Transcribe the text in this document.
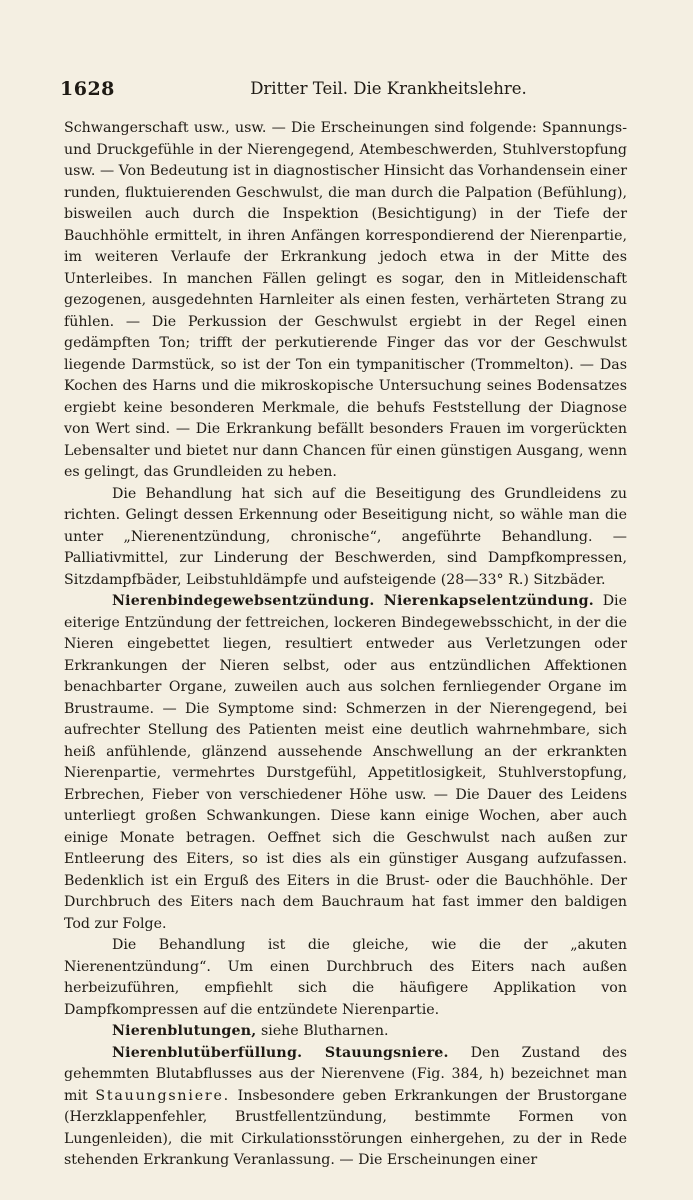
1628	Dritter Teil. Die Krankheitslehre.

Schwangerschaft usw., usw. — Die Erscheinungen sind folgende: Spannungs- und Druckgefühle in der Nierengegend, Atembeschwerden, Stuhlverstopfung usw. — Von Bedeutung ist in diagnostischer Hinsicht das Vorhandensein einer runden, fluktuierenden Geschwulst, die man durch die Palpation (Befühlung), bisweilen auch durch die Inspektion (Besichtigung) in der Tiefe der Bauchhöhle ermittelt, in ihren Anfängen korrespondierend der Nierenpartie, im weiteren Verlaufe der Erkrankung jedoch etwa in der Mitte des Unterleibes. In manchen Fällen gelingt es sogar, den in Mitleidenschaft gezogenen, ausgedehnten Harnleiter als einen festen, verhärteten Strang zu fühlen. — Die Perkussion der Geschwulst ergiebt in der Regel einen gedämpften Ton; trifft der perkutierende Finger das vor der Geschwulst liegende Darmstück, so ist der Ton ein tympanitischer (Trommelton). — Das Kochen des Harns und die mikroskopische Untersuchung seines Bodensatzes ergiebt keine besonderen Merkmale, die behufs Feststellung der Diagnose von Wert sind. — Die Erkrankung befällt besonders Frauen im vorgerückten Lebensalter und bietet nur dann Chancen für einen günstigen Ausgang, wenn es gelingt, das Grundleiden zu heben.

Die Behandlung hat sich auf die Beseitigung des Grundleidens zu richten. Gelingt dessen Erkennung oder Beseitigung nicht, so wähle man die unter „Nierenentzündung, chronische“, angeführte Behandlung. — Palliativmittel, zur Linderung der Beschwerden, sind Dampfkompressen, Sitzdampfbäder, Leibstuhldämpfe und aufsteigende (28—33° R.) Sitzbäder.

Nierenbindegewebsentzündung. Nierenkapselentzündung. Die eiterige Entzündung der fettreichen, lockeren Bindegewebsschicht, in der die Nieren eingebettet liegen, resultiert entweder aus Verletzungen oder Erkrankungen der Nieren selbst, oder aus entzündlichen Affektionen benachbarter Organe, zuweilen auch aus solchen fernliegender Organe im Brustraume. — Die Symptome sind: Schmerzen in der Nierengegend, bei aufrechter Stellung des Patienten meist eine deutlich wahrnehmbare, sich heiß anfühlende, glänzend aussehende Anschwellung an der erkrankten Nierenpartie, vermehrtes Durstgefühl, Appetitlosigkeit, Stuhlverstopfung, Erbrechen, Fieber von verschiedener Höhe usw. — Die Dauer des Leidens unterliegt großen Schwankungen. Diese kann einige Wochen, aber auch einige Monate betragen. Oeffnet sich die Geschwulst nach außen zur Entleerung des Eiters, so ist dies als ein günstiger Ausgang aufzufassen. Bedenklich ist ein Erguß des Eiters in die Brust- oder die Bauchhöhle. Der Durchbruch des Eiters nach dem Bauchraum hat fast immer den baldigen Tod zur Folge.

Die Behandlung ist die gleiche, wie die der „akuten Nierenentzündung“. Um einen Durchbruch des Eiters nach außen herbeizuführen, empfiehlt sich die häufigere Applikation von Dampfkompressen auf die entzündete Nierenpartie.

Nierenblutungen, siehe Blutharnen.

Nierenblutüberfüllung. Stauungsniere. Den Zustand des gehemmten Blutabflusses aus der Nierenvene (Fig. 384, h) bezeichnet man mit Stauungsniere. Insbesondere geben Erkrankungen der Brustorgane (Herzklappenfehler, Brustfellentzündung, bestimmte Formen von Lungenleiden), die mit Cirkulationsstörungen einhergehen, zu der in Rede stehenden Erkrankung Veranlassung. — Die Erscheinungen einer
